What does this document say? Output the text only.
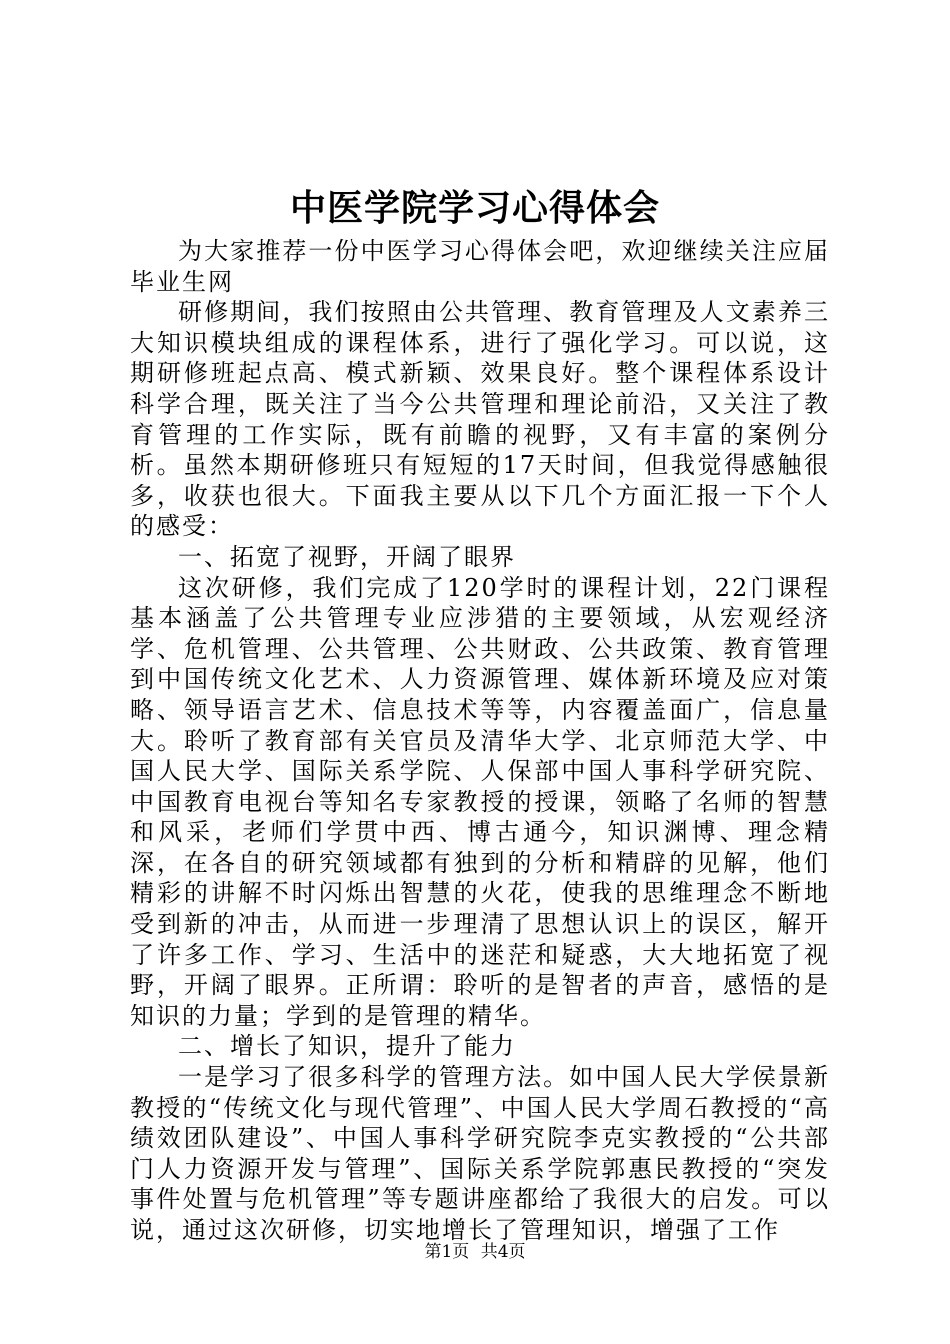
中医学院学习心得体会

为大家推荐一份中医学习心得体会吧，欢迎继续关注应届毕业生网

研修期间，我们按照由公共管理、教育管理及人文素养三大知识模块组成的课程体系，进行了强化学习。可以说，这期研修班起点高、模式新颖、效果良好。整个课程体系设计科学合理，既关注了当今公共管理和理论前沿，又关注了教育管理的工作实际，既有前瞻的视野，又有丰富的案例分析。虽然本期研修班只有短短的17天时间，但我觉得感触很多，收获也很大。下面我主要从以下几个方面汇报一下个人的感受：

一、拓宽了视野，开阔了眼界

这次研修，我们完成了120学时的课程计划，22门课程基本涵盖了公共管理专业应涉猎的主要领域，从宏观经济学、危机管理、公共管理、公共财政、公共政策、教育管理到中国传统文化艺术、人力资源管理、媒体新环境及应对策略、领导语言艺术、信息技术等等，内容覆盖面广，信息量大。聆听了教育部有关官员及清华大学、北京师范大学、中国人民大学、国际关系学院、人保部中国人事科学研究院、中国教育电视台等知名专家教授的授课，领略了名师的智慧和风采，老师们学贯中西、博古通今，知识渊博、理念精深，在各自的研究领域都有独到的分析和精辟的见解，他们精彩的讲解不时闪烁出智慧的火花，使我的思维理念不断地受到新的冲击，从而进一步理清了思想认识上的误区，解开了许多工作、学习、生活中的迷茫和疑惑，大大地拓宽了视野，开阔了眼界。正所谓：聆听的是智者的声音，感悟的是知识的力量；学到的是管理的精华。

二、增长了知识，提升了能力

一是学习了很多科学的管理方法。如中国人民大学侯景新教授的“传统文化与现代管理”、中国人民大学周石教授的“高绩效团队建设”、中国人事科学研究院李克实教授的“公共部门人力资源开发与管理”、国际关系学院郭惠民教授的“突发事件处置与危机管理”等专题讲座都给了我很大的启发。可以说，通过这次研修，切实地增长了管理知识，增强了工作

第1页 共4页
